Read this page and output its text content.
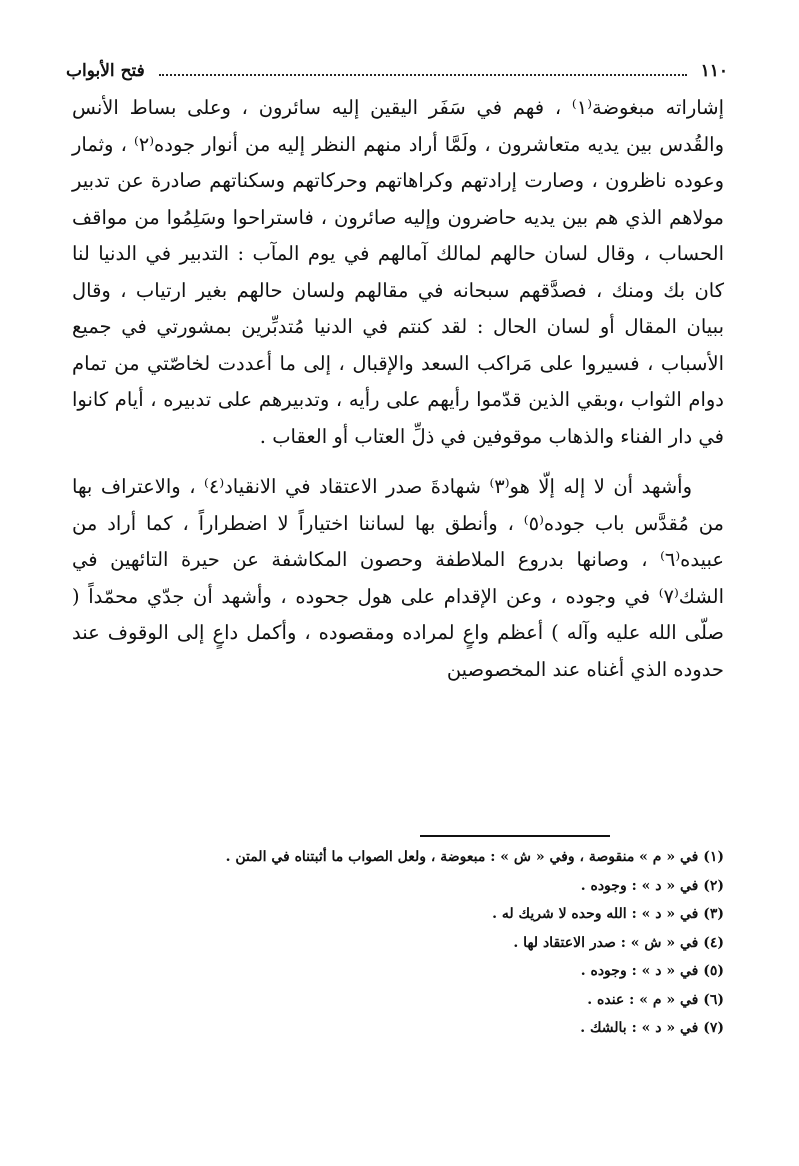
١١٠
فتح الأبواب

إشاراته مبغوضة⁽١⁾ ، فهم في سَفَر اليقين إليه سائرون ، وعلى بساط الأنس والقُدس بين يديه متعاشرون ، ولَمَّا أراد منهم النظر إليه من أنوار جوده⁽٢⁾ ، وثمار وعوده ناظرون ، وصارت إرادتهم وكراهاتهم وحركاتهم وسكناتهم صادرة عن تدبير مولاهم الذي هم بين يديه حاضرون وإليه صائرون ، فاستراحوا وسَلِمُوا من مواقف الحساب ، وقال لسان حالهم لمالك آمالهم في يوم المآب : التدبير في الدنيا لنا كان بك ومنك ، فصدَّقهم سبحانه في مقالهم ولسان حالهم بغير ارتياب ، وقال ببيان المقال أو لسان الحال : لقد كنتم في الدنيا مُتدبِّرين بمشورتي في جميع الأسباب ، فسيروا على مَراكب السعد والإقبال ، إلى ما أعددت لخاصّتي من تمام دوام الثواب ،وبقي الذين قدّموا رأيهم على رأيه ، وتدبيرهم على تدبيره ، أيام كانوا في دار الفناء والذهاب موقوفين في ذلِّ العتاب أو العقاب .

وأشهد أن لا إله إلّا هو⁽٣⁾ شهادةَ صدر الاعتقاد في الانقياد⁽٤⁾ ، والاعتراف بها من مُقدَّس باب جوده⁽٥⁾ ، وأنطق بها لساننا اختياراً لا اضطراراً ، كما أراد من عبيده⁽٦⁾ ، وصانها بدروع الملاطفة وحصون المكاشفة عن حيرة التائهين في الشك⁽٧⁾ في وجوده ، وعن الإقدام على هول جحوده ، وأشهد أن جدّي محمّداً ( صلّى الله عليه وآله ) أعظم واعٍ لمراده ومقصوده ، وأكمل داعٍ إلى الوقوف عند حدوده الذي أغناه عند المخصوصين

(١) في « م » منقوصة ، وفي « ش » : مبعوضة ، ولعل الصواب ما أثبتناه في المتن .
(٢) في « د » : وجوده .
(٣) في « د » : الله وحده لا شريك له .
(٤) في « ش » : صدر الاعتقاد لها .
(٥) في « د » : وجوده .
(٦) في « م » : عنده .
(٧) في « د » : بالشك .
